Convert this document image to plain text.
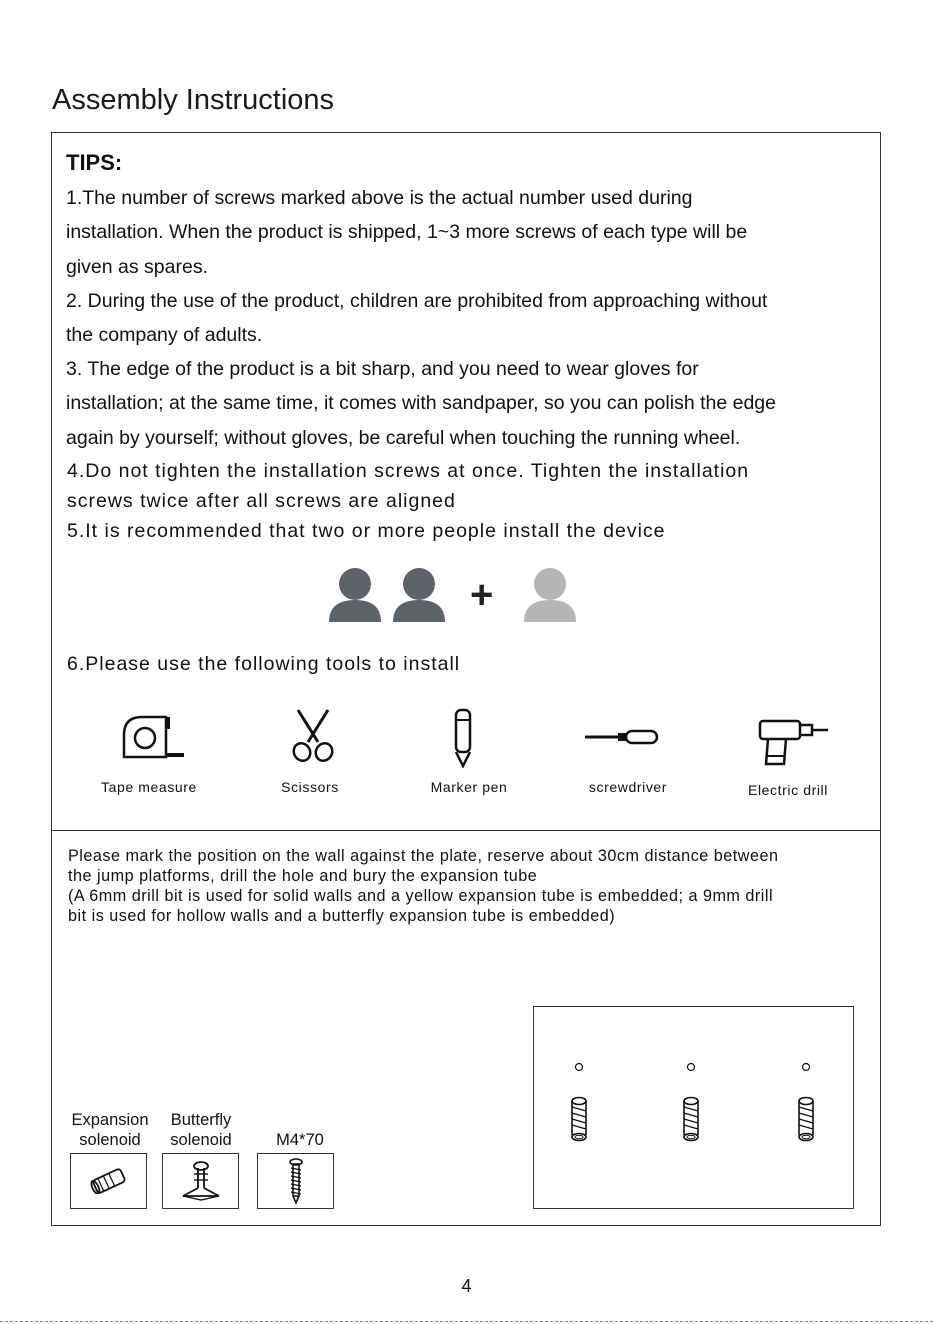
Assembly Instructions
TIPS:
1.The number of screws marked above is the actual number used during
installation. When the product is shipped, 1~3 more screws of each type will be
given as spares.
2. During the use of the product, children are prohibited from approaching without
the company of adults.
3. The edge of the product is a bit sharp, and you need to wear gloves for
installation; at the same time, it comes with sandpaper, so you can polish the edge
again by yourself; without gloves, be careful when touching the running wheel.
4.Do not tighten the installation screws at once. Tighten the installation
screws twice after all screws are aligned
5.It is recommended that two or more people install the device
+
6.Please use the following tools to install
Tape measure	Scissors	Marker pen	screwdriver	Electric drill
Please mark the position on the wall against the plate, reserve about 30cm distance between
the jump platforms, drill the hole and bury the expansion tube
(A 6mm drill bit is used for solid walls and a yellow expansion tube is embedded; a 9mm drill
bit is used for hollow walls and a butterfly expansion tube is embedded)
Expansion
solenoid
Butterfly
solenoid	M4*70
4
